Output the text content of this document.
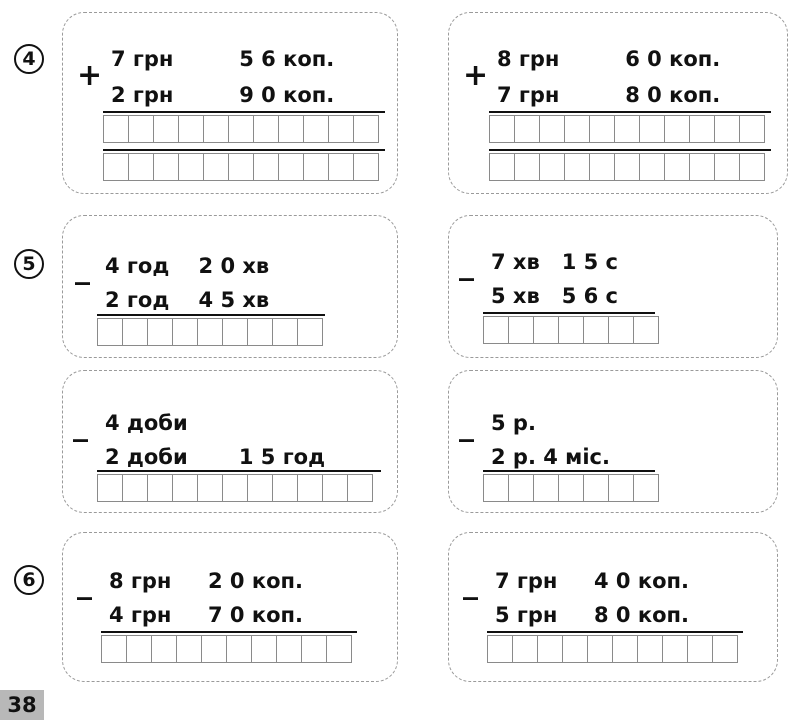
4 + 7 грн         5 6 коп.
2 грн         9 0 коп.
+ 8 грн         6 0 коп.
7 грн         8 0 коп.
5 _ 4 год    2 0 хв
2 год    4 5 хв
_ 7 хв   1 5 с
5 хв   5 6 с
_ 4 доби
2 доби       1 5 год
_ 5 р.
2 р. 4 міс.
6 _ 8 грн     2 0 коп.
4 грн     7 0 коп.
_ 7 грн     4 0 коп.
5 грн     8 0 коп.
38
